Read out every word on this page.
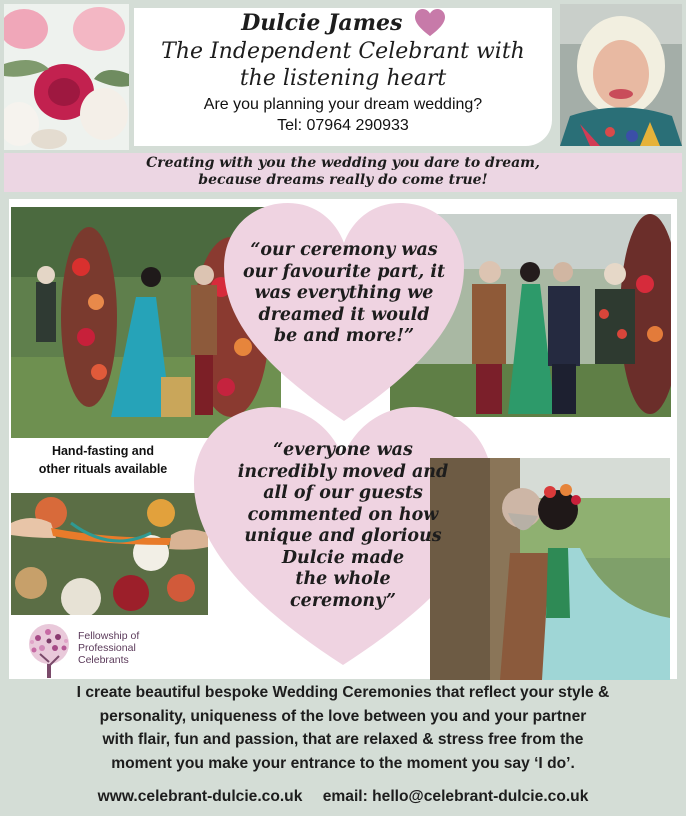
Dulcie James
The Independent Celebrant with
the listening heart
Are you planning your dream wedding?
Tel: 07964 290933
Creating with you the wedding you dare to dream,
because dreams really do come true!
“our ceremony was
our favourite part, it
was everything we
dreamed it would
be and more!”
Hand-fasting and
other rituals available
“everyone was
incredibly moved and
all of our guests
commented on how
unique and glorious
Dulcie made
the whole
ceremony”
Fellowship of
Professional
Celebrants
I create beautiful bespoke Wedding Ceremonies that reflect your style &
personality, uniqueness of the love between you and your partner
with flair, fun and passion, that are relaxed & stress free from the
moment you make your entrance to the moment you say ‘I do’.
www.celebrant-dulcie.co.uk email: hello@celebrant-dulcie.co.uk
